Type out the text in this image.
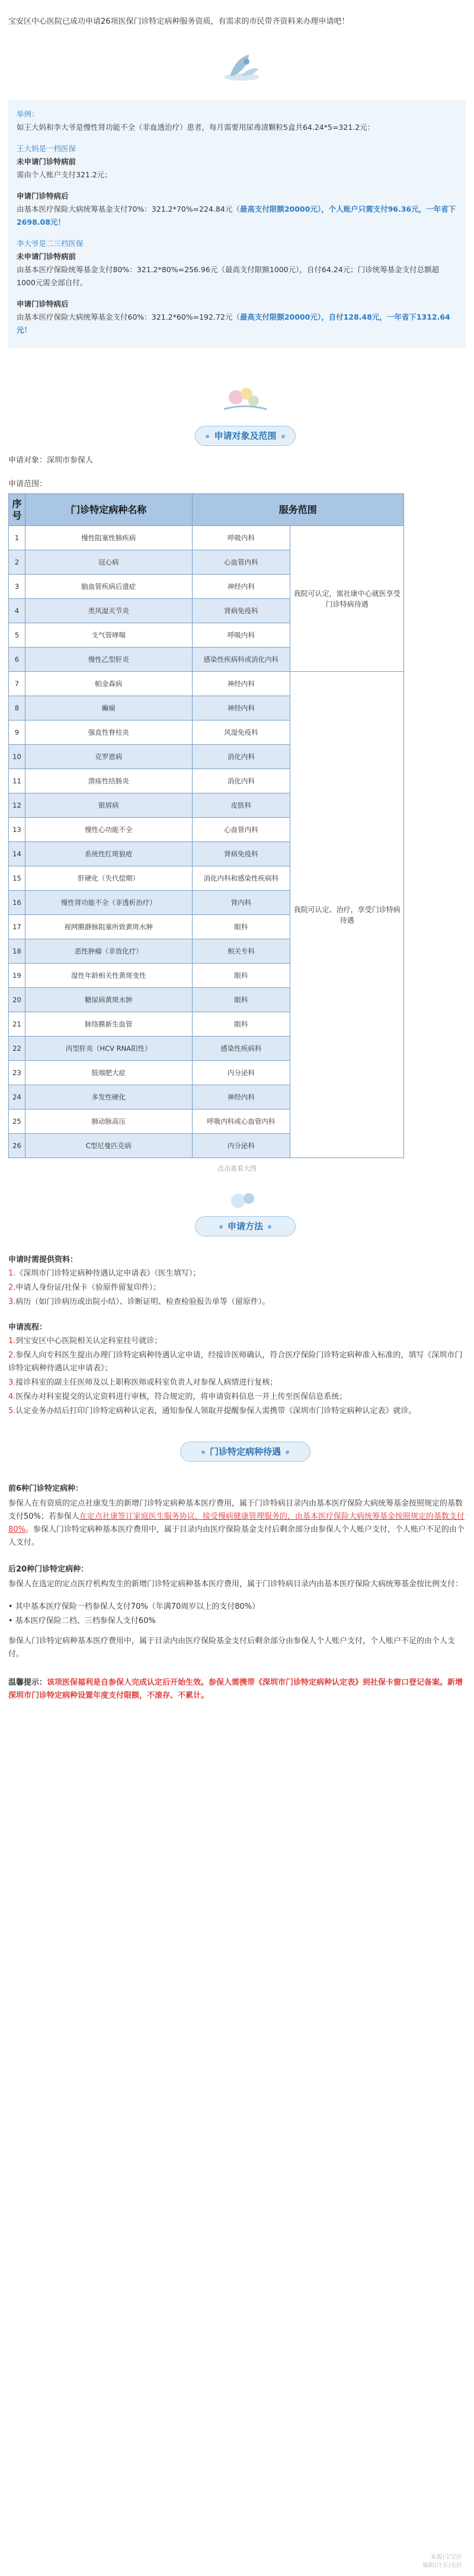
宝安区中心医院已成功申请26项医保门诊特定病种服务资质，有需求的市民带齐资料来办理申请吧！

举例：

如王大妈和李大爷是慢性肾功能不全（非血透治疗）患者，每月需要用尿毒清颗粒5盒共64.24*5=321.2元：

王大妈是一档医保

未申请门诊特病前

需由个人账户支付321.2元；

申请门诊特病后

由基本医疗保险大病统筹基金支付70%：321.2*70%=224.84元（最高支付限额20000元），个人账户只需支付96.36元，一年省下2698.08元！

李大爷是二三档医保

未申请门诊特病前

由基本医疗保险统筹基金支付80%：321.2*80%=256.96元（最高支付限额1000元），自付64.24元；门诊统筹基金支付总额超1000元需全部自付。

申请门诊特病后

由基本医疗保险大病统筹基金支付60%：321.2*60%=192.72元（最高支付限额20000元），自付128.48元，一年省下1312.64元！

申请对象及范围

申请对象：深圳市参保人

申请范围：

序号	门诊特定病种名称	服务范围	
1	慢性阻塞性肺疾病	呼吸内科	我院可认定，需社康中心就医享受门诊特病待遇
2	冠心病	心血管内科	
3	脑血管疾病后遗症	神经内科	
4	类风湿关节炎	肾病免疫科	
5	支气管哮喘	呼吸内科	
6	慢性乙型肝炎	感染性疾病科或消化内科	
7	帕金森病	神经内科	我院可认定、治疗，享受门诊特病待遇
8	癫痫	神经内科	
9	强直性脊柱炎	风湿免疫科	
10	克罗恩病	消化内科	
11	溃疡性结肠炎	消化内科	
12	银屑病	皮肤科	
13	慢性心功能不全	心血管内科	
14	系统性红斑狼疮	肾病免疫科	
15	肝硬化（失代偿期）	消化内科和感染性疾病科	
16	慢性肾功能不全（非透析治疗）	肾内科	
17	视网膜静脉阻塞所致黄斑水肿	眼科	
18	恶性肿瘤（非放化疗）	相关专科	
19	湿性年龄相关性黄斑变性	眼科	
20	糖尿病黄斑水肿	眼科	
21	脉络膜新生血管	眼科	
22	丙型肝炎（HCV RNA阳性）	感染性疾病科	
23	肢端肥大症	内分泌科	
24	多发性硬化	神经内科	
25	肺动脉高压	呼吸内科或心血管内科	
26	C型尼曼匹克病	内分泌科	

点击查看大图

申请方法

申请时需提供资料：

1.《深圳市门诊特定病种待遇认定申请表》（医生填写）；
2.申请人身份证/社保卡（验原件留复印件）；
3.病历（如门诊病历或出院小结）、诊断证明、检查检验报告单等（留原件）。

申请流程：

1.到宝安区中心医院相关认定科室挂号就诊；
2.参保人向专科医生提出办理门诊特定病种待遇认定申请，经接诊医师确认，符合医疗保险门诊特定病种准入标准的，填写《深圳市门诊特定病种待遇认定申请表》；
3.接诊科室的副主任医师及以上职称医师或科室负责人对参保人病情进行复核；
4.医保办对科室提交的认定资料进行审核，符合规定的，将申请资料信息一并上传至医保信息系统；
5.认定业务办结后打印门诊特定病种认定表，通知参保人领取并提醒参保人需携带《深圳市门诊特定病种认定表》就诊。
门诊特定病种待遇

前6种门诊特定病种：

参保人在有资质的定点社康发生的新增门诊特定病种基本医疗费用，属于门诊特病目录内由基本医疗保险大病统筹基金按照规定的基数支付50%；若参保人在定点社康签订家庭医生服务协议，接受慢病健康管理服务的，由基本医疗保险大病统筹基金按照规定的基数支付80%。参保人门诊特定病种基本医疗费用中，属于目录内由医疗保险基金支付后剩余部分由参保人个人账户支付，个人账户不足的由个人支付。

后20种门诊特定病种：

参保人在选定的定点医疗机构发生的新增门诊特定病种基本医疗费用，属于门诊特病目录内由基本医疗保险大病统筹基金按比例支付：

• 其中基本医疗保险一档参保人支付70%（年满70周岁以上的支付80%）
• 基本医疗保险二档、三档参保人支付60%

参保人门诊特定病种基本医疗费用中，属于目录内由医疗保险基金支付后剩余部分由参保人个人账户支付，个人账户不足的由个人支付。

温馨提示：该项医保福利是自参保人完成认定后开始生效。参保人需携带《深圳市门诊特定病种认定表》到社保卡窗口登记备案。新增深圳市门诊特定病种设置年度支付限额，不滚存、不累计。

来源|宝安区
编辑|许乐|毛轩
